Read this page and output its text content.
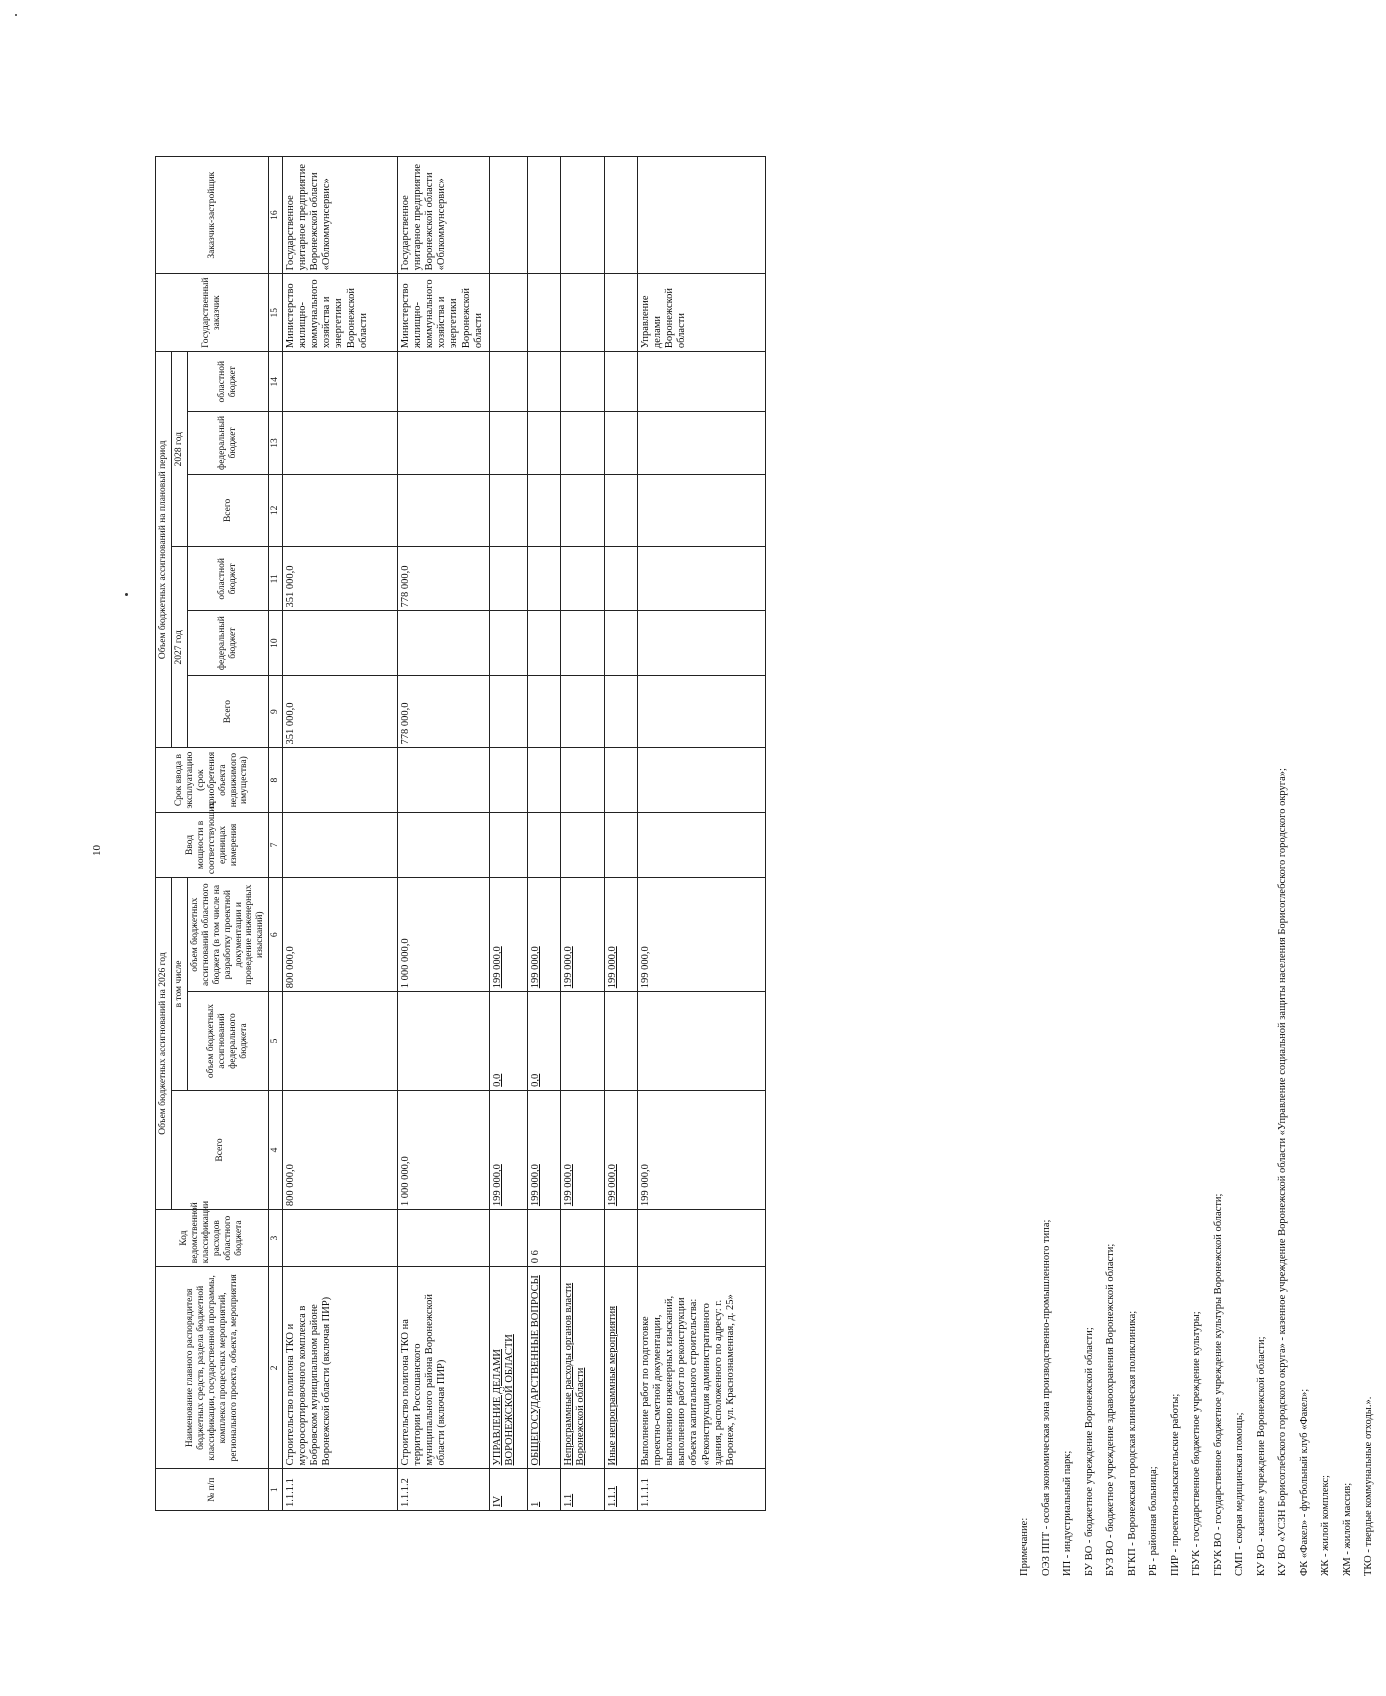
10
№ п/п	Наименование главного распорядителя бюджетных средств, раздела бюджетной классификации, государственной программы, комплекса процессных мероприятий, регионального проекта, объекта, мероприятия	Код ведомственной классификации расходов областного бюджета	Объем бюджетных ассигнований на 2026 год			Ввод мощности в соответствующих единицах измерения	Срок ввода в эксплуатацию (срок приобретения объекта недвижимого имущества)	Объем бюджетных ассигнований на плановый период						Государственный заказчик	Заказчик-застройщик
			Всего	в том числе				2027 год			2028 год				
				объем бюджетных ассигнований федерального бюджета	объем бюджетных ассигнований областного бюджета (в том числе на разработку проектной документации и проведение инженерных изысканий)			Всего	федеральный бюджет	областной бюджет	Всего	федеральный бюджет	областной бюджет		
1	2	3	4	5	6	7	8	9	10	11	12	13	14	15	16
1.1.1.1	Строительство полигона ТКО и мусоросортировочного комплекса в Бобровском муниципальном районе Воронежской области (включая ПИР)		800 000,0		800 000,0			351 000,0		351 000,0				Министерство жилищно-коммунального хозяйства и энергетики Воронежской области	Государственное унитарное предприятие Воронежской области «Облкоммунсервис»
1.1.1.2	Строительство полигона ТКО на территории Россошанского муниципального района Воронежской области (включая ПИР)		1 000 000,0		1 000 000,0			778 000,0		778 000,0				Министерство жилищно-коммунального хозяйства и энергетики Воронежской области	Государственное унитарное предприятие Воронежской области «Облкоммунсервис»
IV	УПРАВЛЕНИЕ ДЕЛАМИ ВОРОНЕЖСКОЙ ОБЛАСТИ		199 000,0	0,0	199 000,0										
1	ОБЩЕГОСУДАРСТВЕННЫЕ ВОПРОСЫ	0 6	199 000,0	0,0	199 000,0										
1.1	Непрограммные расходы органов власти Воронежской области		199 000,0		199 000,0										
1.1.1	Иные непрограммные мероприятия		199 000,0		199 000,0										
1.1.1.1	Выполнение работ по подготовке проектно-сметной документации, выполнению инженерных изысканий, выполнению работ по реконструкции объекта капитального строительства: «Реконструкция административного здания, расположенного по адресу: г. Воронеж, ул. Краснознаменная, д. 25»		199 000,0		199 000,0									Управление делами Воронежской области	
Примечание:	ОЭЗ ППТ - особая экономическая зона производственно-промышленного типа;	ИП - индустриальный парк;	БУ ВО - бюджетное учреждение Воронежской области;	БУЗ ВО - бюджетное учреждение здравоохранения Воронежской области;	ВГКП - Воронежская городская клиническая поликлиника;	РБ - районная больница;	ПИР - проектно-изыскательские работы;	ГБУК - государственное бюджетное учреждение культуры;	ГБУК ВО - государственное бюджетное учреждение культуры Воронежской области;	СМП - скорая медицинская помощь;	КУ ВО - казенное учреждение Воронежской области;	КУ ВО «УСЗН Борисоглебского городского округа» - казенное учреждение Воронежской области «Управление социальной защиты населения Борисоглебского городского округа»;	ФК «Факел» - футбольный клуб «Факел»;	ЖК - жилой комплекс;	ЖМ - жилой массив;	ТКО - твердые коммунальные отходы.».
